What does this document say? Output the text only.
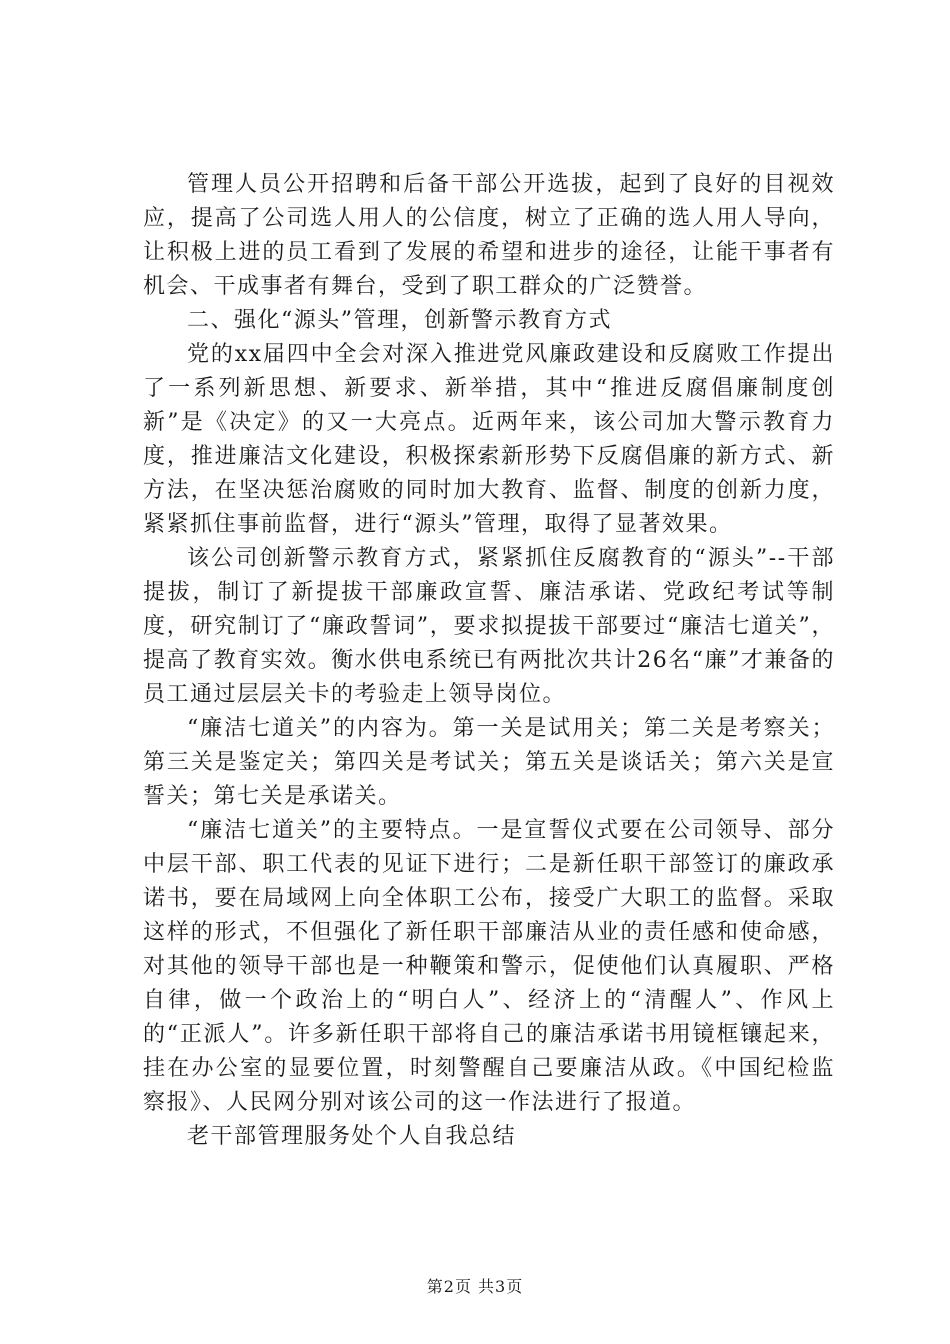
管理人员公开招聘和后备干部公开选拔，起到了良好的目视效应，提高了公司选人用人的公信度，树立了正确的选人用人导向，让积极上进的员工看到了发展的希望和进步的途径，让能干事者有机会、干成事者有舞台，受到了职工群众的广泛赞誉。

二、强化“源头”管理，创新警示教育方式

党的xx届四中全会对深入推进党风廉政建设和反腐败工作提出了一系列新思想、新要求、新举措，其中“推进反腐倡廉制度创新”是《决定》的又一大亮点。近两年来，该公司加大警示教育力度，推进廉洁文化建设，积极探索新形势下反腐倡廉的新方式、新方法，在坚决惩治腐败的同时加大教育、监督、制度的创新力度，紧紧抓住事前监督，进行“源头”管理，取得了显著效果。

该公司创新警示教育方式，紧紧抓住反腐教育的“源头”--干部提拔，制订了新提拔干部廉政宣誓、廉洁承诺、党政纪考试等制度，研究制订了“廉政誓词”，要求拟提拔干部要过“廉洁七道关”，提高了教育实效。衡水供电系统已有两批次共计26名“廉”才兼备的员工通过层层关卡的考验走上领导岗位。

“廉洁七道关”的内容为。第一关是试用关；第二关是考察关；第三关是鉴定关；第四关是考试关；第五关是谈话关；第六关是宣誓关；第七关是承诺关。

“廉洁七道关”的主要特点。一是宣誓仪式要在公司领导、部分中层干部、职工代表的见证下进行；二是新任职干部签订的廉政承诺书，要在局域网上向全体职工公布，接受广大职工的监督。采取这样的形式，不但强化了新任职干部廉洁从业的责任感和使命感，对其他的领导干部也是一种鞭策和警示，促使他们认真履职、严格自律，做一个政治上的“明白人”、经济上的“清醒人”、作风上的“正派人”。许多新任职干部将自己的廉洁承诺书用镜框镶起来，挂在办公室的显要位置，时刻警醒自己要廉洁从政。《中国纪检监察报》、人民网分别对该公司的这一作法进行了报道。

老干部管理服务处个人自我总结

第2页 共3页
